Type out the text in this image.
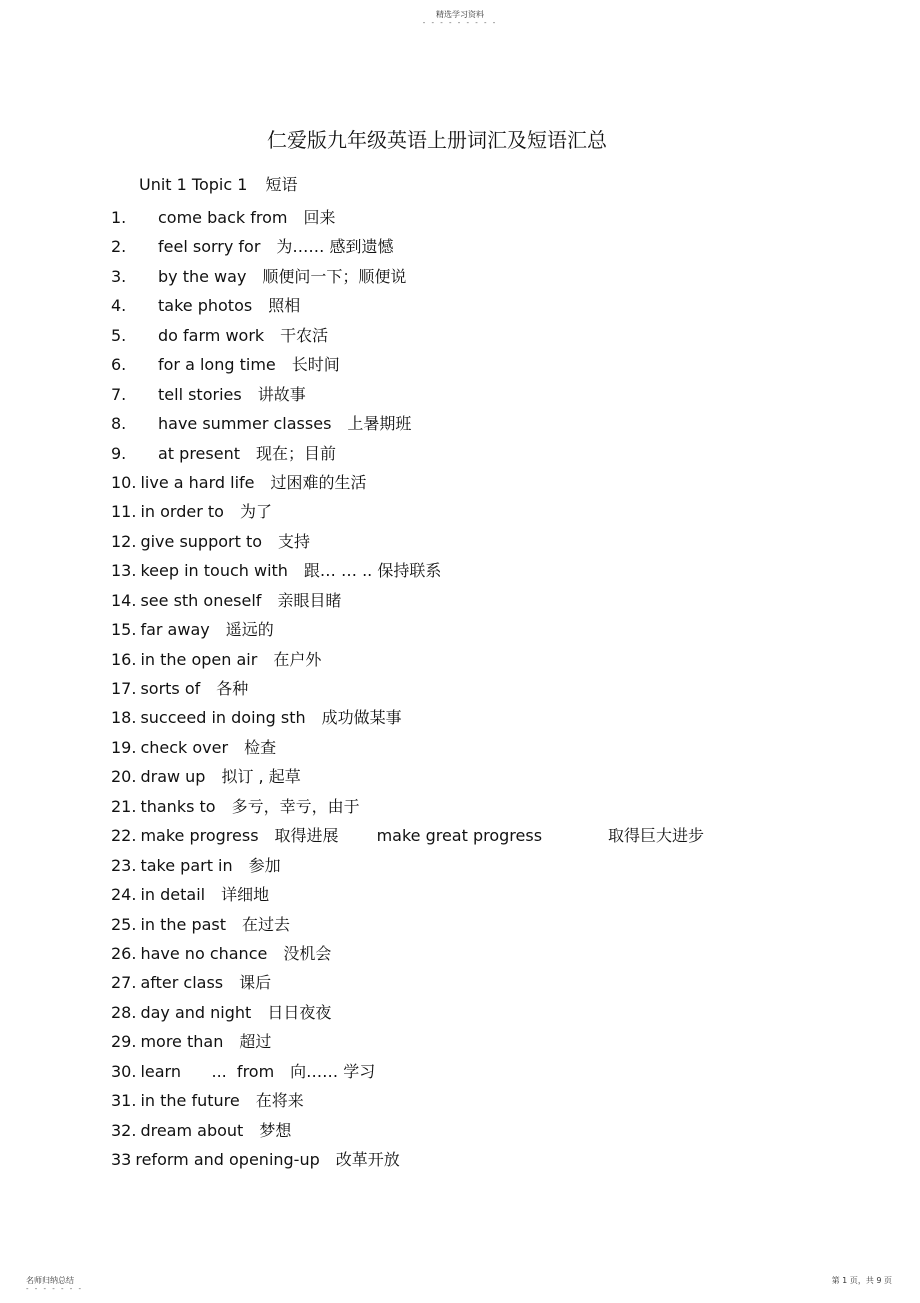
精选学习资料
- - - - - - - - -
仁爱版九年级英语上册词汇及短语汇总
Unit 1 Topic 1 短语
1. come back from 回来
2. feel sorry for 为…… 感到遗憾
3. by the way 顺便问一下；顺便说
4. take photos 照相
5. do farm work 干农活
6. for a long time 长时间
7. tell stories 讲故事
8. have summer classes 上暑期班
9. at present 现在；目前
10. live a hard life 过困难的生活
11. in order to 为了
12. give support to 支持
13. keep in touch with 跟… … .. 保持联系
14. see sth oneself 亲眼目睹
15. far away 遥远的
16. in the open air 在户外
17. sorts of 各种
18. succeed in doing sth 成功做某事
19. check over 检查
20. draw up 拟订 , 起草
21. thanks to 多亏，幸亏，由于
22. make progress 取得进展 make great progress	取得巨大进步
23. take part in 参加
24. in detail 详细地
25. in the past 在过去
26. have no chance 没机会
27. after class 课后
28. day and night 日日夜夜
29. more than 超过
30. learn      ...  from 向…… 学习
31. in the future 在将来
32. dream about 梦想
33 reform and opening-up 改革开放
名师归纳总结
- - - - - - -
第 1 页，共 9 页
